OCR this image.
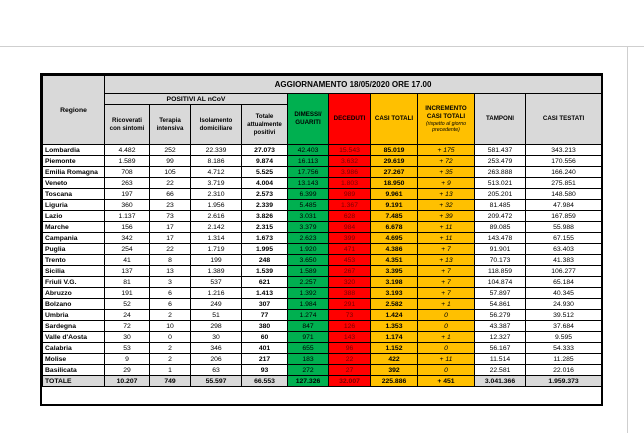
Regione	AGGIORNAMENTO 18/05/2020 ORE 17.00									
	POSITIVI AL nCoV				DIMESSI/ GUARITI	DECEDUTI	CASI TOTALI	INCREMENTO CASI TOTALI
(rispetto al giorno precedente)	TAMPONI	CASI TESTATI
	Ricoverati con sintomi	Terapia intensiva	Isolamento domiciliare	Totale attualmente positivi						
Lombardia	4.482	252	22.339	27.073	42.403	15.543	85.019	+ 175	581.437	343.213
Piemonte	1.589	99	8.186	9.874	16.113	3.632	29.619	+ 72	253.479	170.556
Emilia Romagna	708	105	4.712	5.525	17.756	3.986	27.267	+ 35	263.888	166.240
Veneto	263	22	3.719	4.004	13.143	1.803	18.950	+ 9	513.021	275.851
Toscana	197	66	2.310	2.573	6.399	989	9.961	+ 13	205.201	148.580
Liguria	360	23	1.956	2.339	5.485	1.367	9.191	+ 32	81.485	47.984
Lazio	1.137	73	2.616	3.826	3.031	628	7.485	+ 39	209.472	167.859
Marche	156	17	2.142	2.315	3.379	984	6.678	+ 11	89.085	55.988
Campania	342	17	1.314	1.673	2.623	399	4.695	+ 11	143.478	67.155
Puglia	254	22	1.719	1.995	1.920	471	4.386	+ 7	91.901	63.403
Trento	41	8	199	248	3.650	453	4.351	+ 13	70.173	41.383
Sicilia	137	13	1.389	1.539	1.589	267	3.395	+ 7	118.859	106.277
Friuli V.G.	81	3	537	621	2.257	320	3.198	+ 7	104.874	65.184
Abruzzo	191	6	1.216	1.413	1.392	388	3.193	+ 7	57.897	40.345
Bolzano	52	6	249	307	1.984	291	2.582	+ 1	54.861	24.930
Umbria	24	2	51	77	1.274	73	1.424	0	56.279	39.512
Sardegna	72	10	298	380	847	126	1.353	0	43.387	37.684
Valle d'Aosta	30	0	30	60	971	143	1.174	+ 1	12.327	9.595
Calabria	53	2	346	401	655	96	1.152	0	56.167	54.333
Molise	9	2	206	217	183	22	422	+ 11	11.514	11.285
Basilicata	29	1	63	93	272	27	392	0	22.581	22.016
TOTALE	10.207	749	55.597	66.553	127.326	32.007	225.886	+ 451	3.041.366	1.959.373
